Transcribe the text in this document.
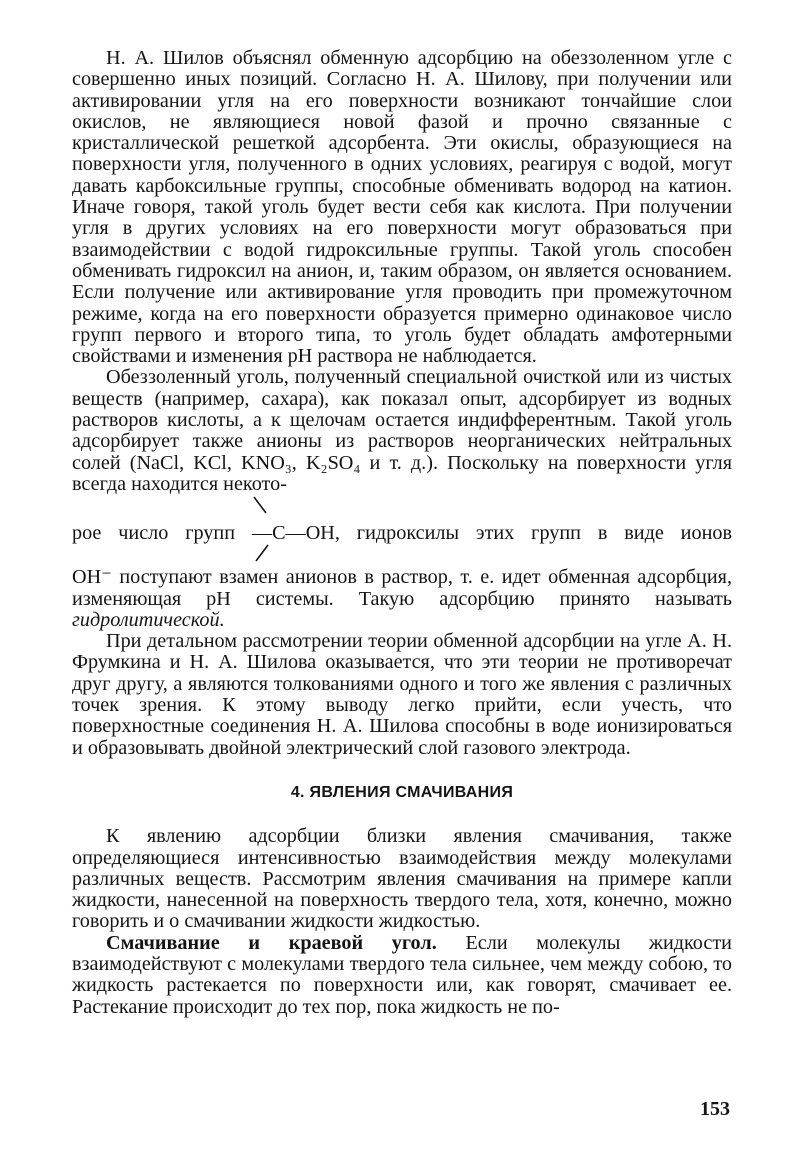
Н. А. Шилов объяснял обменную адсорбцию на обеззоленном угле с совершенно иных позиций. Согласно Н. А. Шилову, при получении или активировании угля на его поверхности возникают тончайшие слои окислов, не являющиеся новой фазой и прочно связанные с кристаллической решеткой адсорбента. Эти окислы, образующиеся на поверхности угля, полученного в одних условиях, реагируя с водой, могут давать карбоксильные группы, способные обменивать водород на катион. Иначе говоря, такой уголь будет вести себя как кислота. При получении угля в других условиях на его поверхности могут образоваться при взаимодействии с водой гидроксильные группы. Такой уголь способен обменивать гидроксил на анион, и, таким образом, он является основанием. Если получение или активирование угля проводить при промежуточном режиме, когда на его поверхности образуется примерно одинаковое число групп первого и второго типа, то уголь будет обладать амфотерными свойствами и изменения pH раствора не наблюдается.

Обеззоленный уголь, полученный специальной очисткой или из чистых веществ (например, сахара), как показал опыт, адсорбирует из водных растворов кислоты, а к щелочам остается индифферентным. Такой уголь адсорбирует также анионы из растворов неорганических нейтральных солей (NaCl, KCl, KNO₃, K₂SO₄ и т. д.). Поскольку на поверхности угля всегда находится некото-

рое число групп —C—OH, гидроксилы этих групп в виде ионов

OH⁻ поступают взамен анионов в раствор, т. е. идет обменная адсорбция, изменяющая pH системы. Такую адсорбцию принято называть гидролитической.

При детальном рассмотрении теории обменной адсорбции на угле А. Н. Фрумкина и Н. А. Шилова оказывается, что эти теории не противоречат друг другу, а являются толкованиями одного и того же явления с различных точек зрения. К этому выводу легко прийти, если учесть, что поверхностные соединения Н. А. Шилова способны в воде ионизироваться и образовывать двойной электрический слой газового электрода.

4. ЯВЛЕНИЯ СМАЧИВАНИЯ

К явлению адсорбции близки явления смачивания, также определяющиеся интенсивностью взаимодействия между молекулами различных веществ. Рассмотрим явления смачивания на примере капли жидкости, нанесенной на поверхность твердого тела, хотя, конечно, можно говорить и о смачивании жидкости жидкостью.

Смачивание и краевой угол. Если молекулы жидкости взаимодействуют с молекулами твердого тела сильнее, чем между собою, то жидкость растекается по поверхности или, как говорят, смачивает ее. Растекание происходит до тех пор, пока жидкость не по-

153
